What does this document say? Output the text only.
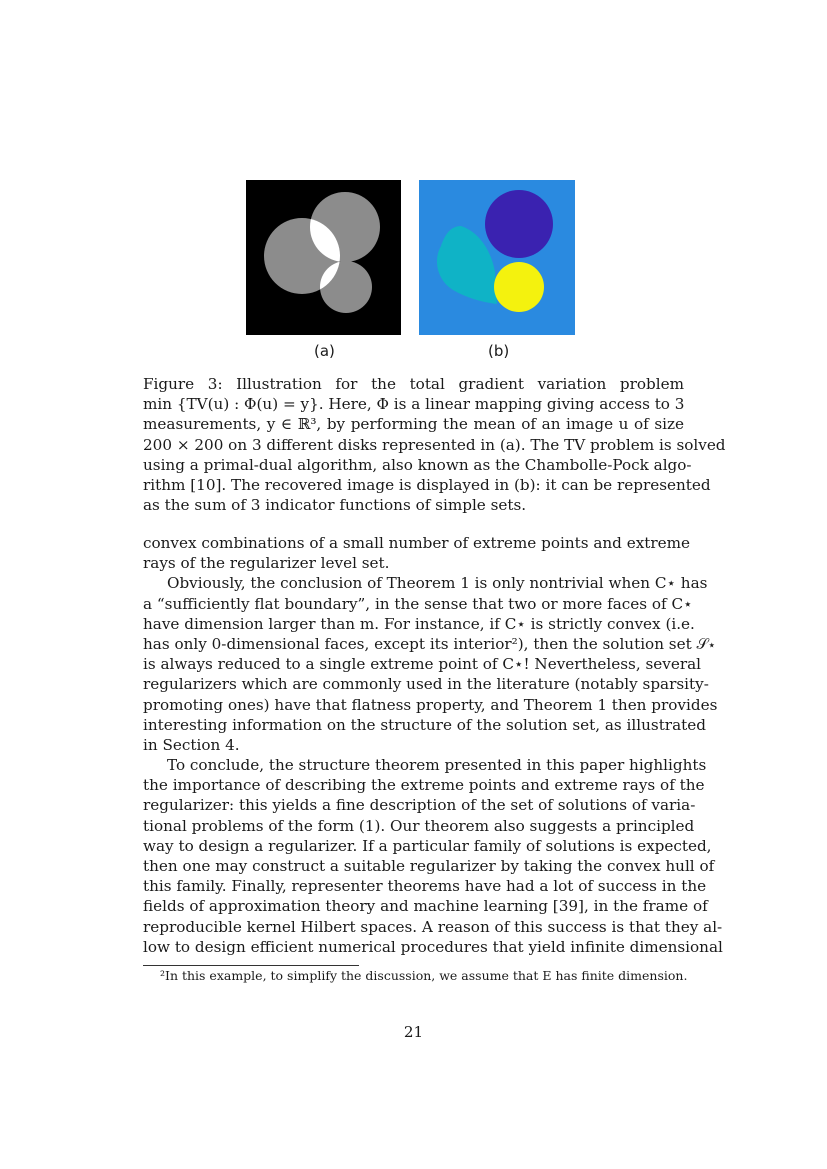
(a)	(b)
Figure 3: Illustration for the total gradient variation problem
min {TV(u) : Φ(u) = y}. Here, Φ is a linear mapping giving access to 3
measurements, y ∈ ℝ³, by performing the mean of an image u of size
200 × 200 on 3 different disks represented in (a). The TV problem is solved
using a primal-dual algorithm, also known as the Chambolle-Pock algo-
rithm [10]. The recovered image is displayed in (b): it can be represented
as the sum of 3 indicator functions of simple sets.
convex combinations of a small number of extreme points and extreme
rays of the regularizer level set.
Obviously, the conclusion of Theorem 1 is only nontrivial when C⋆ has
a “sufficiently flat boundary”, in the sense that two or more faces of C⋆
have dimension larger than m. For instance, if C⋆ is strictly convex (i.e.
has only 0-dimensional faces, except its interior²), then the solution set 𝒮⋆
is always reduced to a single extreme point of C⋆! Nevertheless, several
regularizers which are commonly used in the literature (notably sparsity-
promoting ones) have that flatness property, and Theorem 1 then provides
interesting information on the structure of the solution set, as illustrated
in Section 4.
To conclude, the structure theorem presented in this paper highlights
the importance of describing the extreme points and extreme rays of the
regularizer: this yields a fine description of the set of solutions of varia-
tional problems of the form (1). Our theorem also suggests a principled
way to design a regularizer. If a particular family of solutions is expected,
then one may construct a suitable regularizer by taking the convex hull of
this family. Finally, representer theorems have had a lot of success in the
fields of approximation theory and machine learning [39], in the frame of
reproducible kernel Hilbert spaces. A reason of this success is that they al-
low to design efficient numerical procedures that yield infinite dimensional
²In this example, to simplify the discussion, we assume that E has finite dimension.
21
